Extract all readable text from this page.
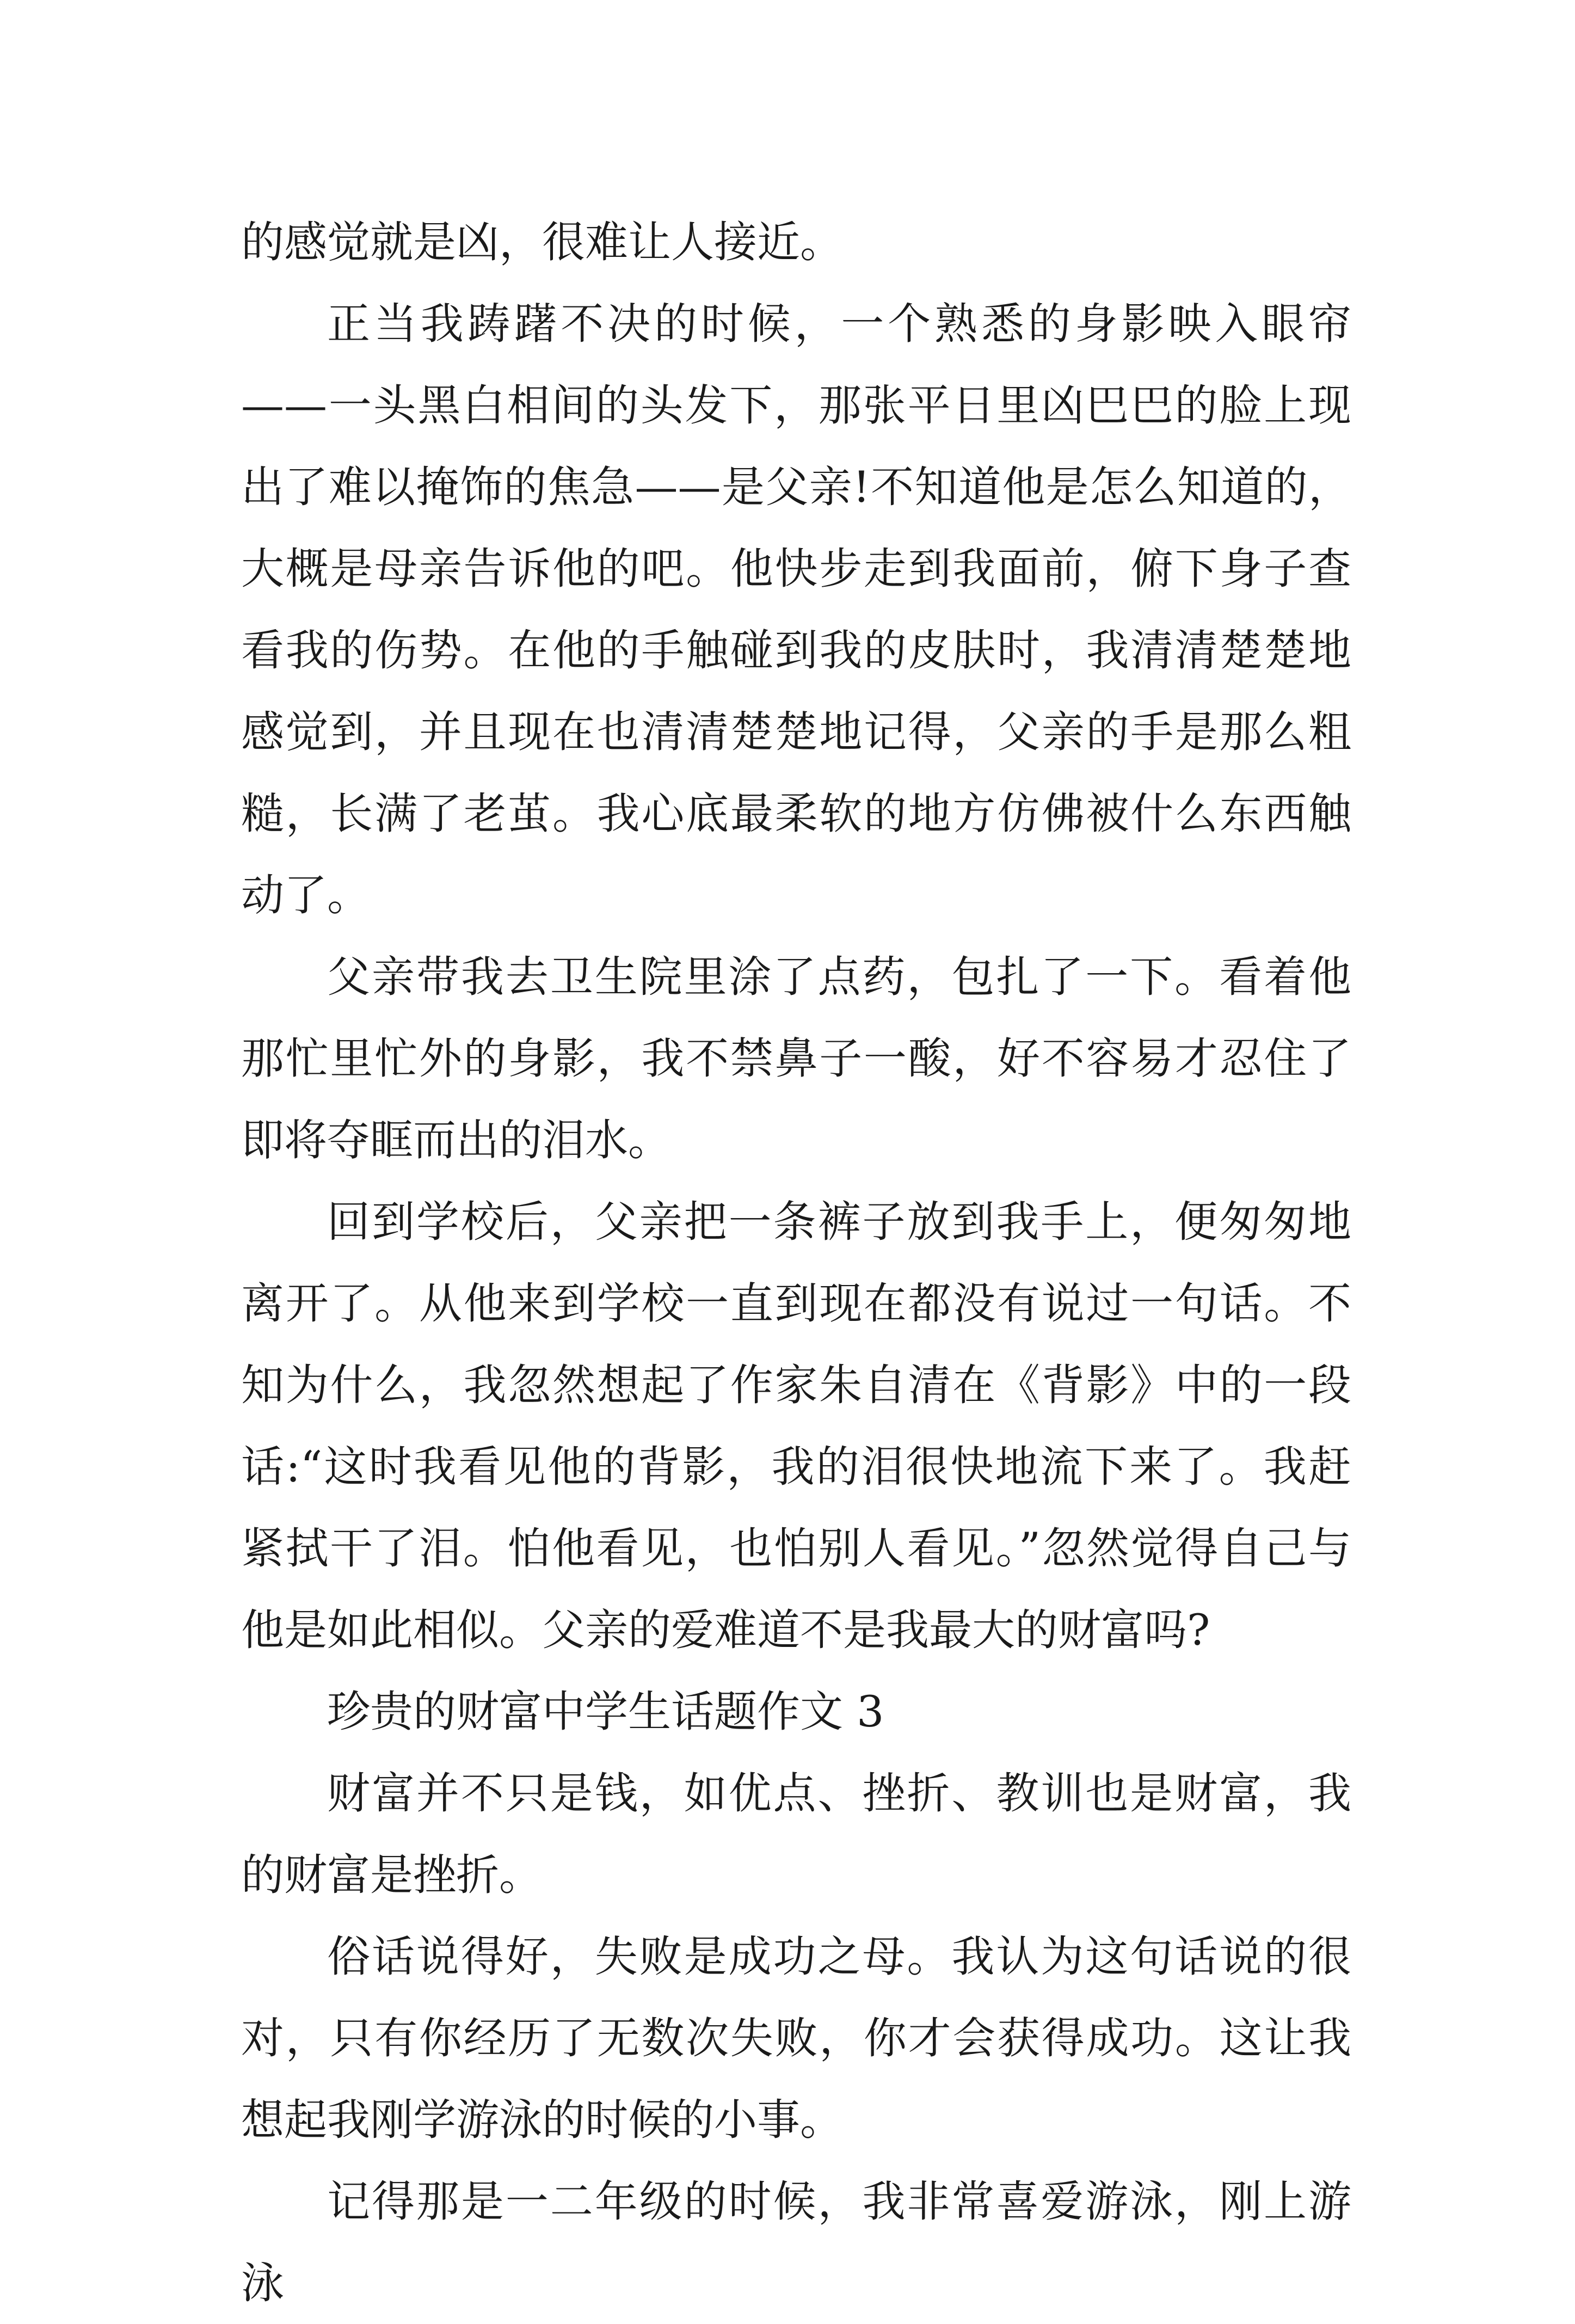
的感觉就是凶，很难让人接近。

正当我踌躇不决的时候，一个熟悉的身影映入眼帘——一头黑白相间的头发下，那张平日里凶巴巴的脸上现出了难以掩饰的焦急——是父亲!不知道他是怎么知道的，大概是母亲告诉他的吧。他快步走到我面前，俯下身子查看我的伤势。在他的手触碰到我的皮肤时，我清清楚楚地感觉到，并且现在也清清楚楚地记得，父亲的手是那么粗糙，长满了老茧。我心底最柔软的地方仿佛被什么东西触动了。

父亲带我去卫生院里涂了点药，包扎了一下。看着他那忙里忙外的身影，我不禁鼻子一酸，好不容易才忍住了即将夺眶而出的泪水。

回到学校后，父亲把一条裤子放到我手上，便匆匆地离开了。从他来到学校一直到现在都没有说过一句话。不知为什么，我忽然想起了作家朱自清在《背影》中的一段话:“这时我看见他的背影，我的泪很快地流下来了。我赶紧拭干了泪。怕他看见，也怕别人看见。”忽然觉得自己与他是如此相似。父亲的爱难道不是我最大的财富吗?

珍贵的财富中学生话题作文 3

财富并不只是钱，如优点、挫折、教训也是财富，我的财富是挫折。

俗话说得好，失败是成功之母。我认为这句话说的很对，只有你经历了无数次失败，你才会获得成功。这让我想起我刚学游泳的时候的小事。

记得那是一二年级的时候，我非常喜爱游泳，刚上游泳
